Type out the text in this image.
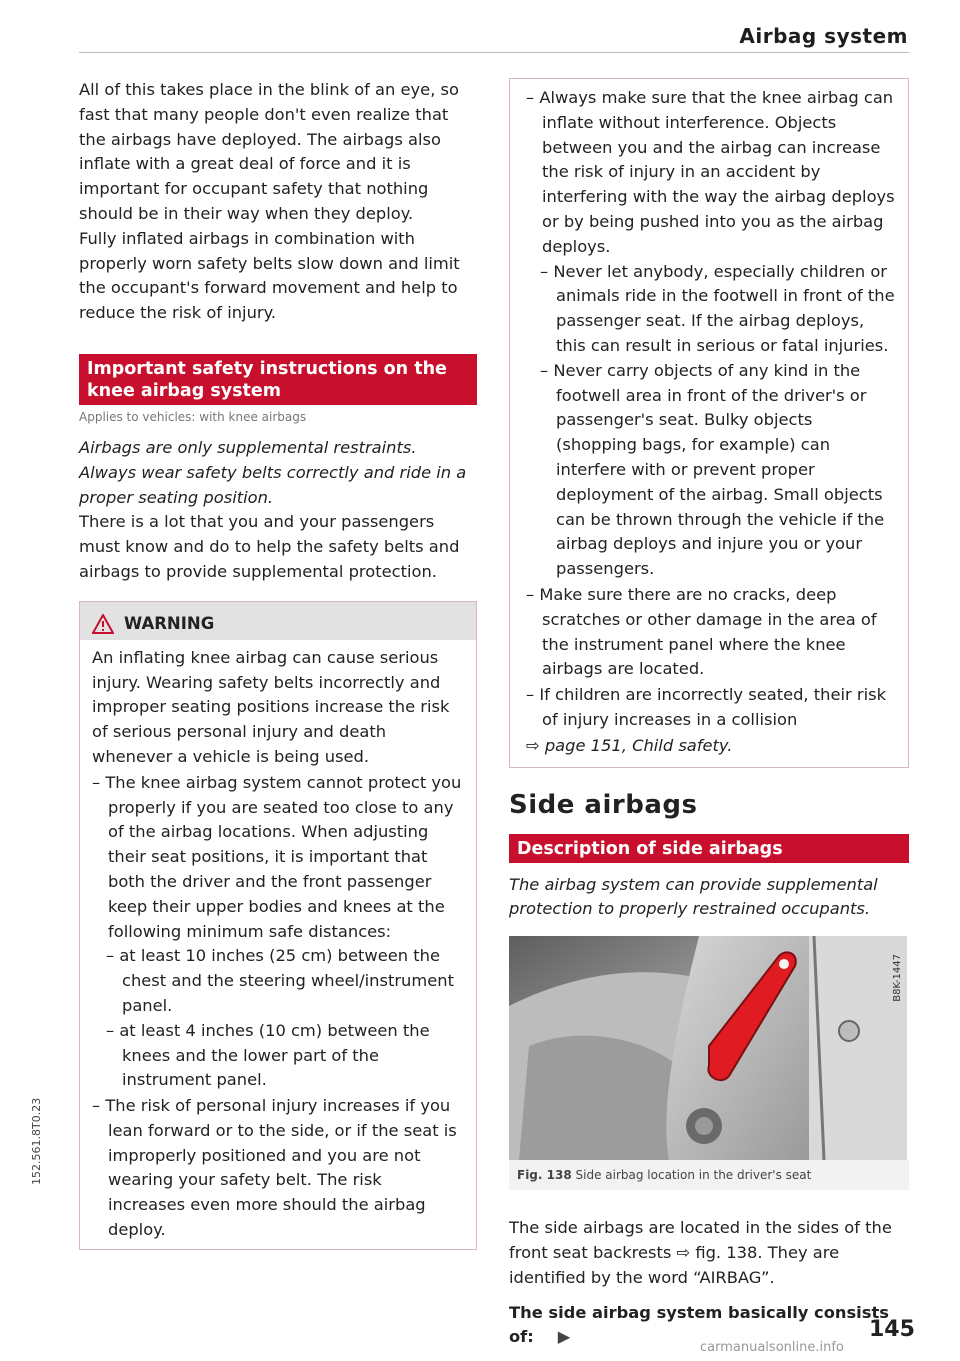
Airbag system

All of this takes place in the blink of an eye, so fast that many people don't even realize that the airbags have deployed. The airbags also inflate with a great deal of force and it is important for occupant safety that nothing should be in their way when they deploy.

Fully inflated airbags in combination with properly worn safety belts slow down and limit the occupant's forward movement and help to reduce the risk of injury.

Important safety instructions on the knee airbag system
Applies to vehicles: with knee airbags

Airbags are only supplemental restraints. Always wear safety belts correctly and ride in a proper seating position.

There is a lot that you and your passengers must know and do to help the safety belts and airbags to provide supplemental protection.

WARNING

An inflating knee airbag can cause serious injury. Wearing safety belts incorrectly and improper seating positions increase the risk of serious personal injury and death whenever a vehicle is being used.

– The knee airbag system cannot protect you properly if you are seated too close to any of the airbag locations. When adjusting their seat positions, it is important that both the driver and the front passenger keep their upper bodies and knees at the following minimum safe distances:
– at least 10 inches (25 cm) between the chest and the steering wheel/instrument panel.
– at least 4 inches (10 cm) between the knees and the lower part of the instrument panel.
– The risk of personal injury increases if you lean forward or to the side, or if the seat is improperly positioned and you are not wearing your safety belt. The risk increases even more should the airbag deploy.
– Always make sure that the knee airbag can inflate without interference. Objects between you and the airbag can increase the risk of injury in an accident by interfering with the way the airbag deploys or by being pushed into you as the airbag deploys.
– Never let anybody, especially children or animals ride in the footwell in front of the passenger seat. If the airbag deploys, this can result in serious or fatal injuries.
– Never carry objects of any kind in the footwell area in front of the driver's or passenger's seat. Bulky objects (shopping bags, for example) can interfere with or prevent proper deployment of the airbag. Small objects can be thrown through the vehicle if the airbag deploys and injure you or your passengers.
– Make sure there are no cracks, deep scratches or other damage in the area of the instrument panel where the knee airbags are located.
– If children are incorrectly seated, their risk of injury increases in a collision
⇨ page 151, Child safety.
Side airbags
Description of side airbags

The airbag system can provide supplemental protection to properly restrained occupants.

B8K-1447
Fig. 138 Side airbag location in the driver's seat

The side airbags are located in the sides of the front seat backrests ⇨ fig. 138. They are identified by the word “AIRBAG”.

The side airbag system basically consists of: ▶

152.561.8T0.23
145
carmanualsonline.info
